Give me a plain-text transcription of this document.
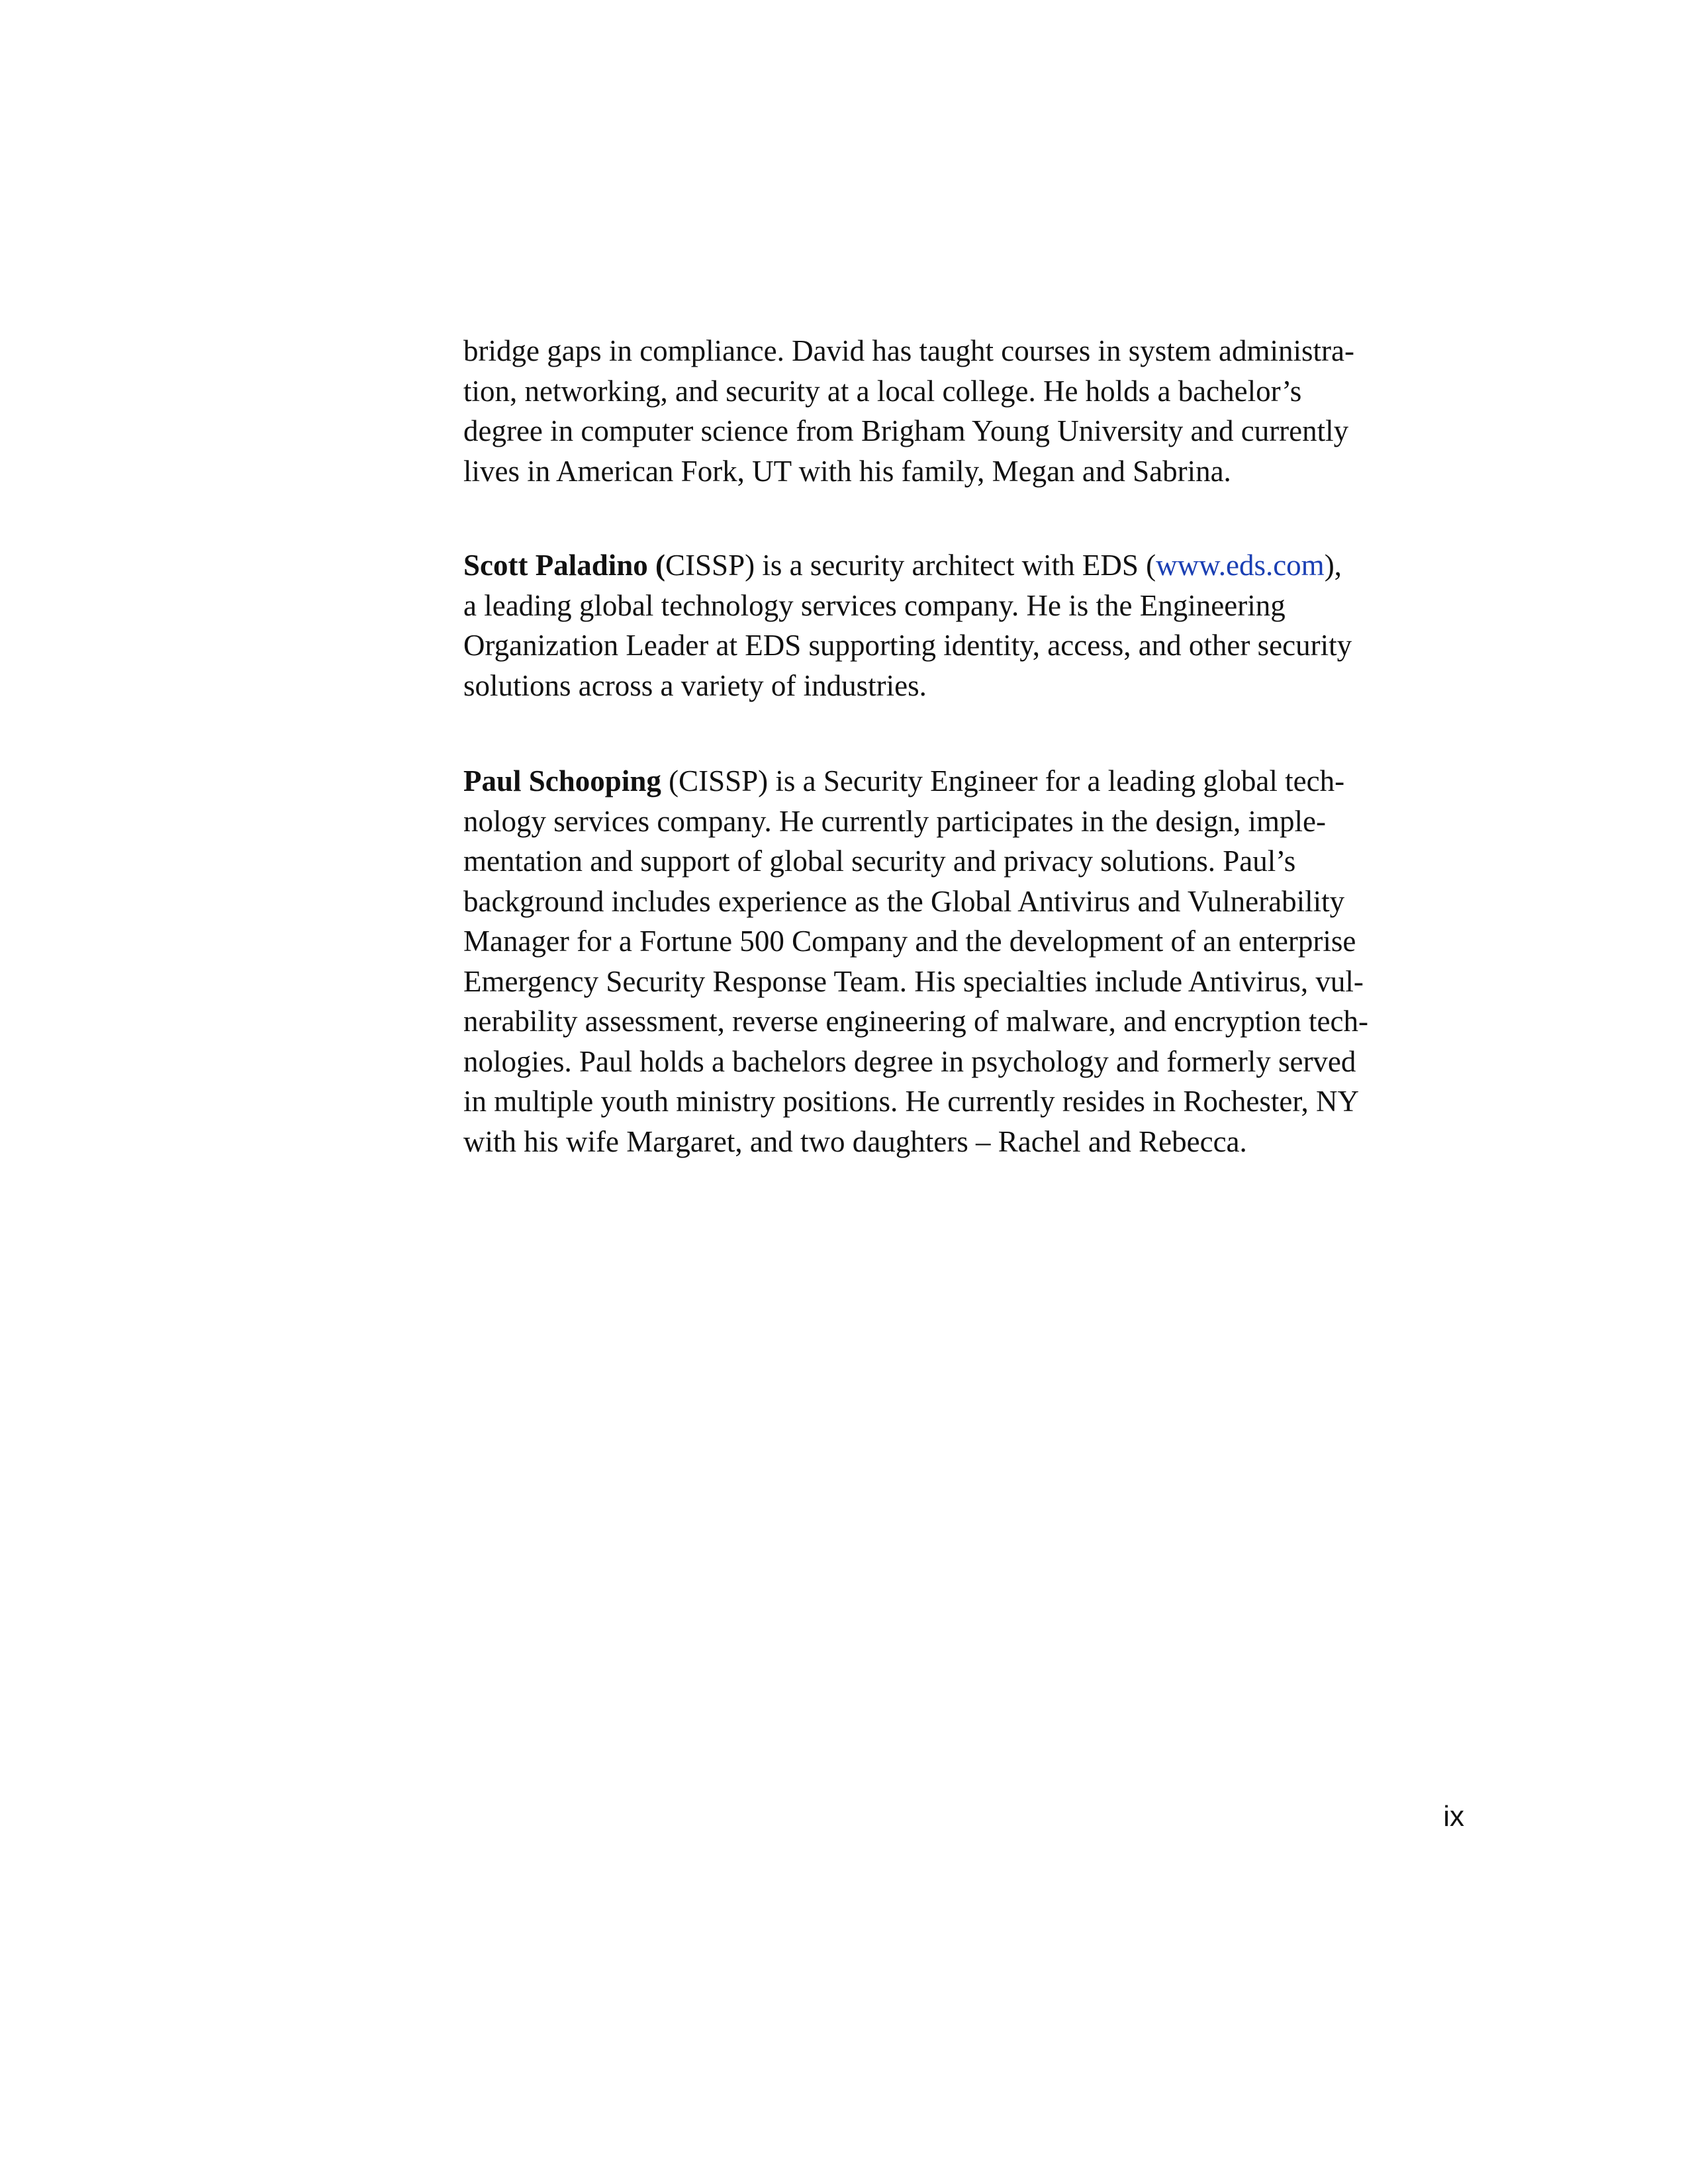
bridge gaps in compliance. David has taught courses in system administra-
tion, networking, and security at a local college. He holds a bachelor’s
degree in computer science from Brigham Young University and currently
lives in American Fork, UT with his family, Megan and Sabrina.

Scott Paladino (CISSP) is a security architect with EDS (www.eds.com),
a leading global technology services company. He is the Engineering
Organization Leader at EDS supporting identity, access, and other security
solutions across a variety of industries.

Paul Schooping (CISSP) is a Security Engineer for a leading global tech-
nology services company. He currently participates in the design, imple-
mentation and support of global security and privacy solutions. Paul’s
background includes experience as the Global Antivirus and Vulnerability
Manager for a Fortune 500 Company and the development of an enterprise
Emergency Security Response Team. His specialties include Antivirus, vul-
nerability assessment, reverse engineering of malware, and encryption tech-
nologies. Paul holds a bachelors degree in psychology and formerly served
in multiple youth ministry positions. He currently resides in Rochester, NY
with his wife Margaret, and two daughters – Rachel and Rebecca.

ix
